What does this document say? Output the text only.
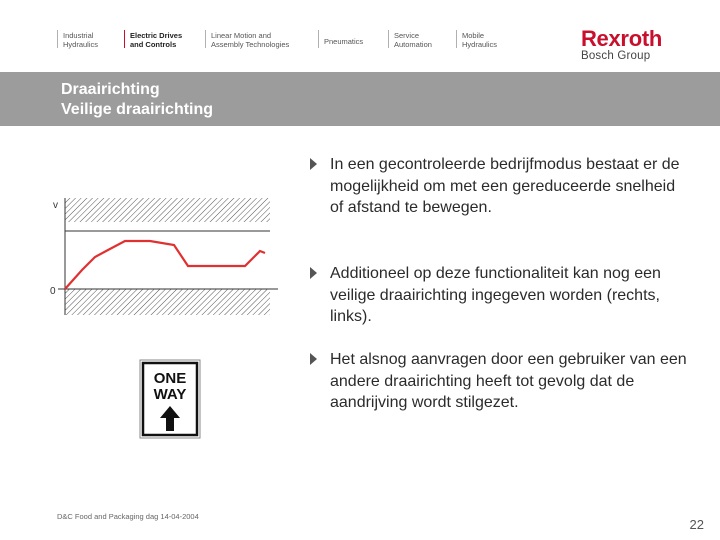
Industrial
Hydraulics
Electric Drives
and Controls
Linear Motion and
Assembly Technologies	Pneumatics
Service
Automation
Mobile
Hydraulics	Rexroth
Bosch Group
Draairichting
Veilige draairichting
v
0
ONE
WAY
In een gecontroleerde bedrijfmodus bestaat er de mogelijkheid om met een gereduceerde snelheid of afstand te bewegen.
Additioneel op deze functionaliteit kan nog een veilige draairichting ingegeven worden (rechts, links).
Het alsnog aanvragen door een gebruiker van een andere draairichting heeft tot gevolg dat de aandrijving wordt stilgezet.
D&C Food and Packaging dag 14-04-2004
22
